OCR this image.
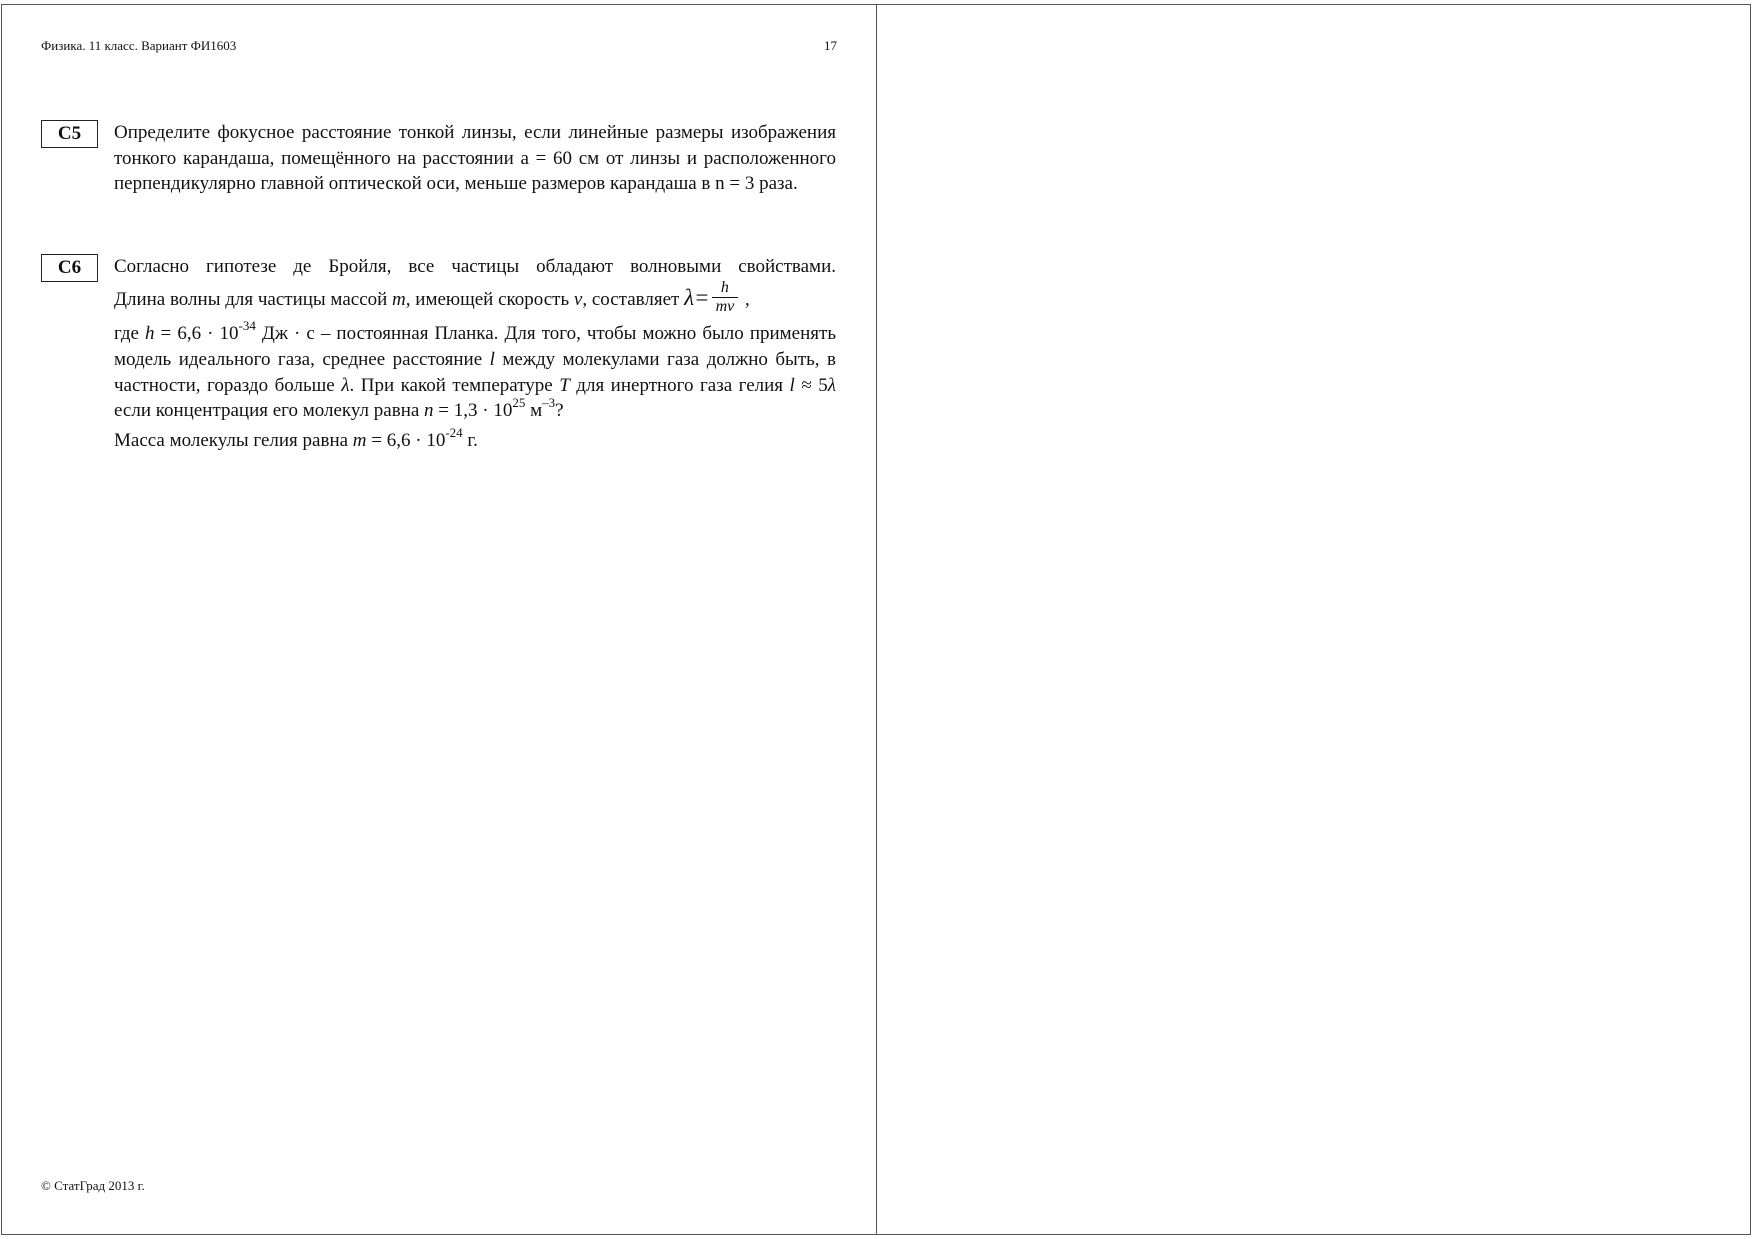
Физика. 11 класс. Вариант ФИ1603	17
C5	Определите фокусное расстояние тонкой линзы, если линейные размеры изображения тонкого карандаша, помещённого на расстоянии a = 60 см от линзы и расположенного перпендикулярно главной оптической оси, меньше размеров карандаша в n = 3 раза.

C6	Согласно гипотезе де Бройля, все частицы обладают волновыми свойствами.

Длина волны для частицы массой m, имеющей скорость v, составляет $\lambda= \frac{h}{mv}$ ,

где $h = 6,6 \cdot 10^{-34}$ Дж · с – постоянная Планка. Для того, чтобы можно было применять модель идеального газа, среднее расстояние l между молекулами газа должно быть, в частности, гораздо больше λ. При какой температуре T для инертного газа гелия l ≈ 5λ если концентрация его молекул равна $n = 1,3 \cdot 10^{25}$ $м^{-3}$?

Масса молекулы гелия равна $m = 6,6 \cdot 10^{-24}$ г.

© СтатГрад 2013 г.
